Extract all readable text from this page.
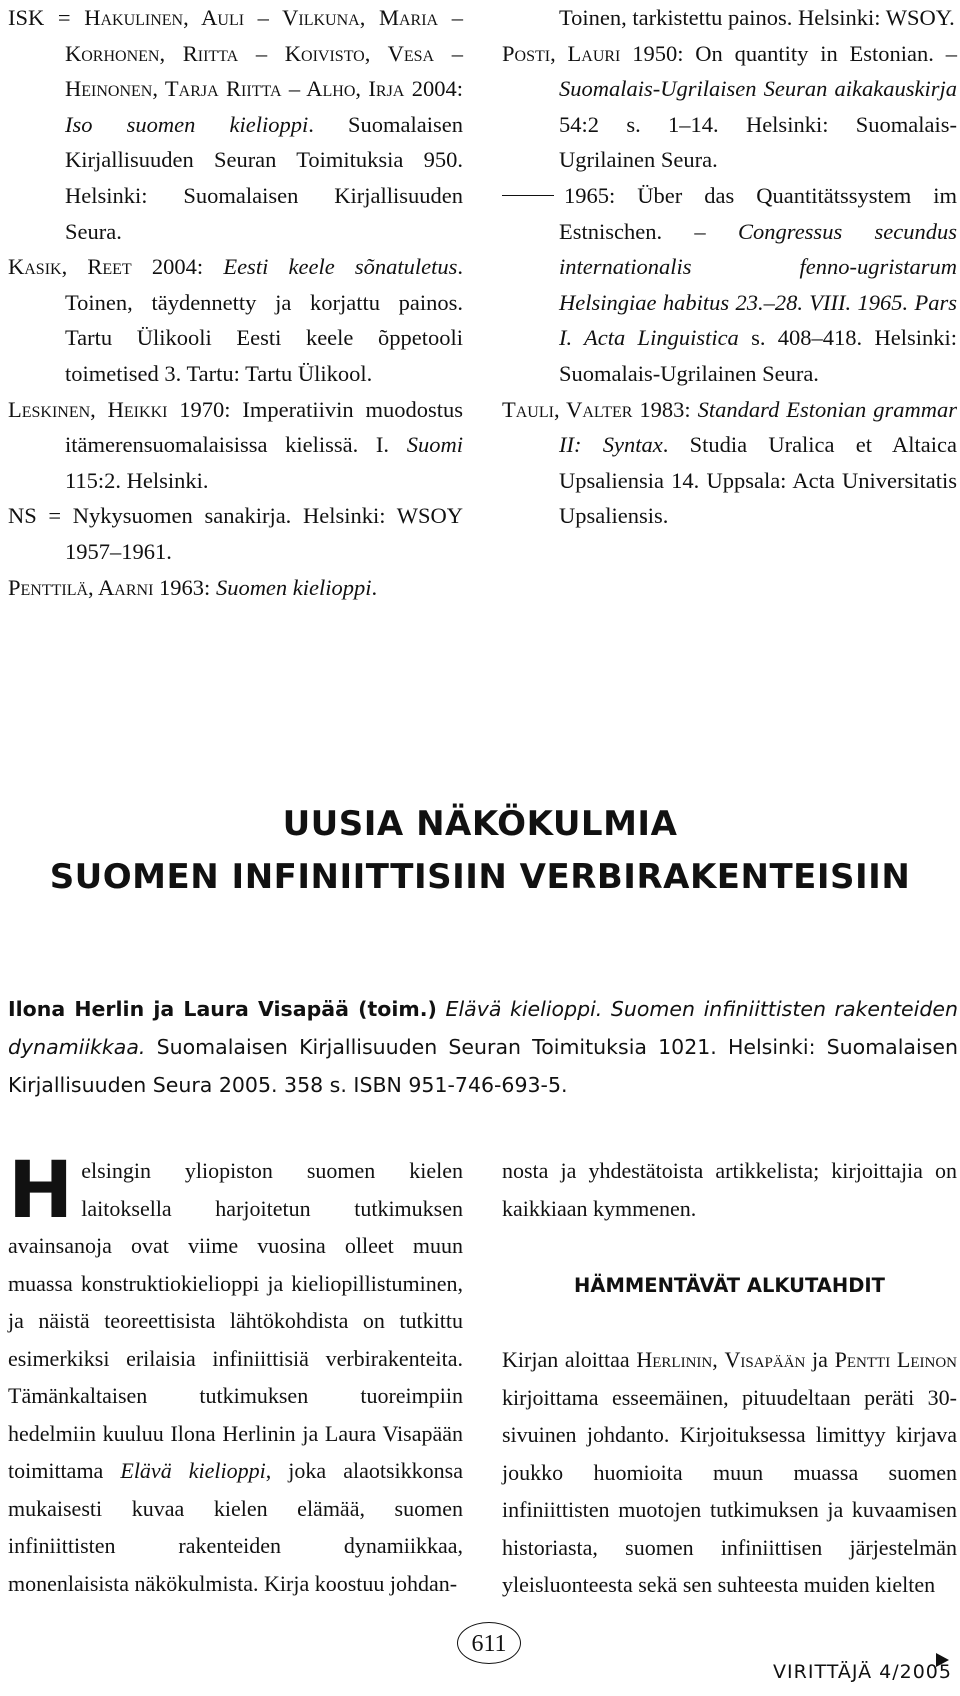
ISK = Hakulinen, Auli – Vilkuna, Maria – Korhonen, Riitta – Koivisto, Vesa – Heinonen, Tarja Riitta – Alho, Irja 2004: Iso suomen kielioppi. Suomalaisen Kirjallisuuden Seuran Toimituksia 950. Helsinki: Suomalaisen Kirjallisuuden Seura.

Kasik, Reet 2004: Eesti keele sõnatuletus. Toinen, täydennetty ja korjattu painos. Tartu Ülikooli Eesti keele õppetooli toimetised 3. Tartu: Tartu Ülikool.

Leskinen, Heikki 1970: Imperatiivin muodostus itämerensuomalaisissa kielissä. I. Suomi 115:2. Helsinki.

NS = Nykysuomen sanakirja. Helsinki: WSOY 1957–1961.

Penttilä, Aarni 1963: Suomen kielioppi.

Toinen, tarkistettu painos. Helsinki: WSOY.

Posti, Lauri 1950: On quantity in Estonian. – Suomalais-Ugrilaisen Seuran aikakauskirja 54:2 s. 1–14. Helsinki: Suomalais-Ugrilainen Seura.

1965: Über das Quantitätssystem im Estnischen. – Congressus secundus internationalis fenno-ugristarum Helsingiae habitus 23.–28. VIII. 1965. Pars I. Acta Linguistica s. 408–418. Helsinki: Suomalais-Ugrilainen Seura.

Tauli, Valter 1983: Standard Estonian grammar II: Syntax. Studia Uralica et Altaica Upsaliensia 14. Uppsala: Acta Universitatis Upsaliensis.

UUSIA NÄKÖKULMIA
SUOMEN INFINIITTISIIN VERBIRAKENTEISIIN
Ilona Herlin ja Laura Visapää (toim.) Elävä kielioppi. Suomen infiniittisten rakenteiden dynamiikkaa. Suomalaisen Kirjallisuuden Seuran Toimituksia 1021. Helsinki: Suomalaisen Kirjallisuuden Seura 2005. 358 s. ISBN 951-746-693-5.

H elsingin yliopiston suomen kielen laitoksella harjoitetun tutkimuksen avainsanoja ovat viime vuosina olleet muun muassa konstruktiokielioppi ja kieliopillistuminen, ja näistä teoreettisista lähtökohdista on tutkittu esimerkiksi erilaisia infiniittisiä verbirakenteita. Tämänkaltaisen tutkimuksen tuoreimpiin hedelmiin kuuluu Ilona Herlinin ja Laura Visapään toimittama Elävä kielioppi, joka alaotsikkonsa mukaisesti kuvaa kielen elämää, suomen infiniittisten rakenteiden dynamiikkaa, monenlaisista näkökulmista. Kirja koostuu johdan-

nosta ja yhdestätoista artikkelista; kirjoittajia on kaikkiaan kymmenen.

HÄMMENTÄVÄT ALKUTAHDIT

Kirjan aloittaa Herlinin, Visapään ja Pentti Leinon kirjoittama esseemäinen, pituudeltaan peräti 30-sivuinen johdanto. Kirjoituksessa limittyy kirjava joukko huomioita muun muassa suomen infiniittisten muotojen tutkimuksen ja kuvaamisen historiasta, suomen infiniittisen järjestelmän yleisluonteesta sekä sen suhteesta muiden kielten

611
VIRITTÄJÄ 4/2005
